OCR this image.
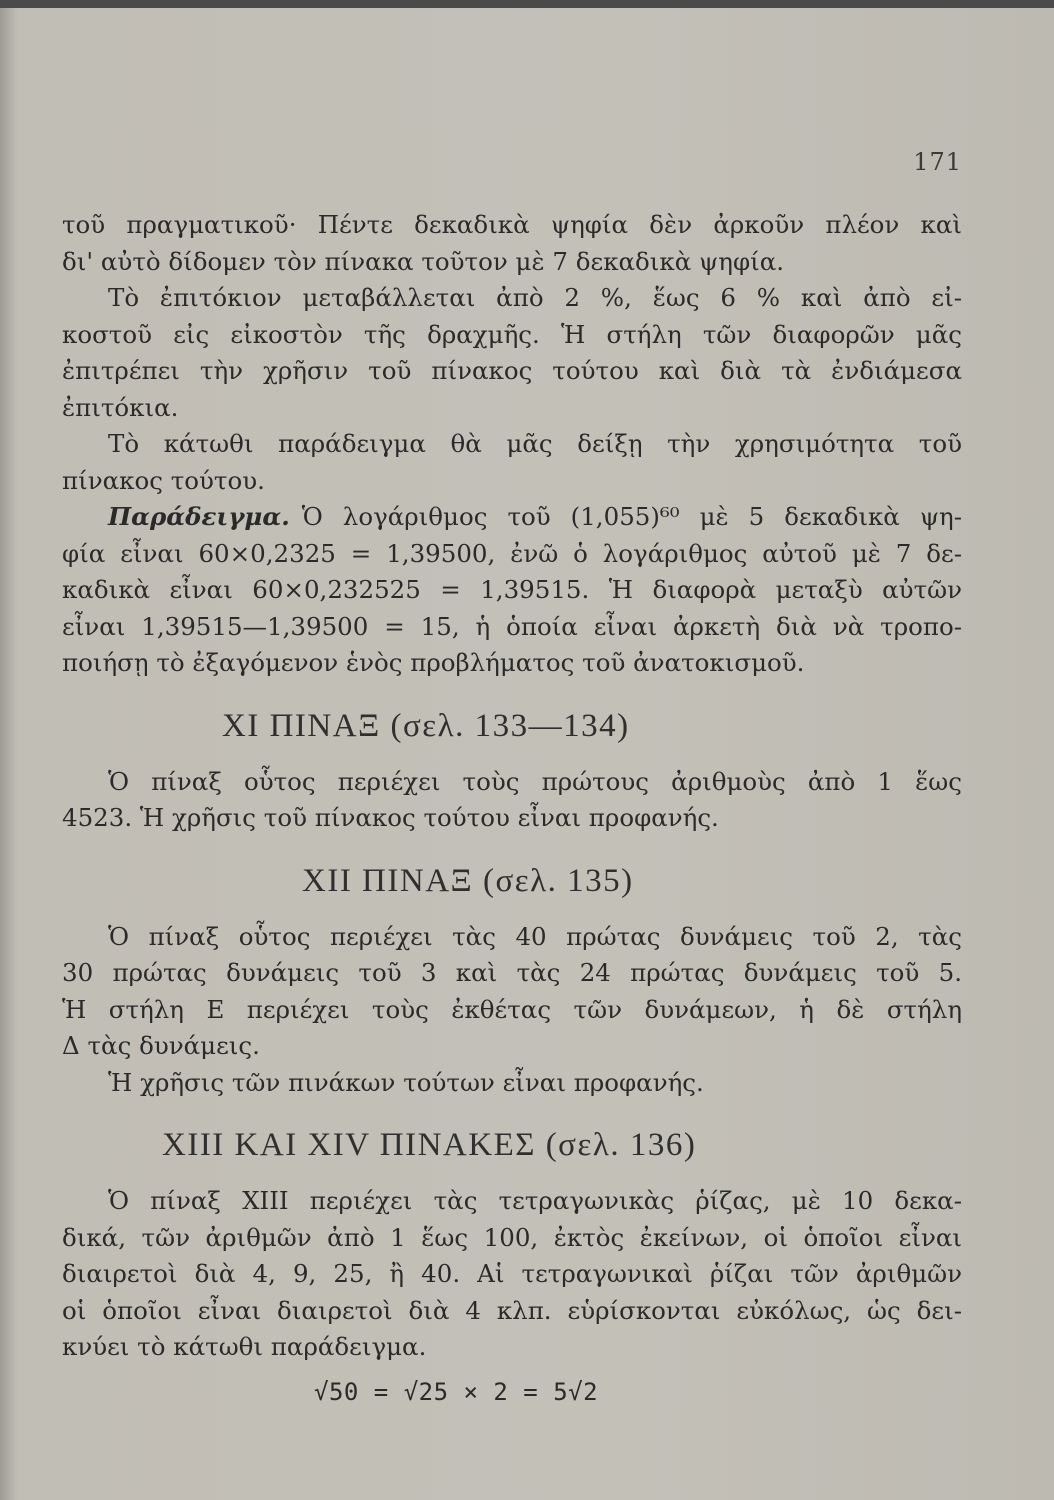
171
τοῦ πραγματικοῦ· Πέντε δεκαδικὰ ψηφία δὲν ἀρκοῦν πλέον καὶ
δι' αὐτὸ δίδομεν τὸν πίνακα τοῦτον μὲ 7 δεκαδικὰ ψηφία.
Τὸ ἐπιτόκιον μεταβάλλεται ἀπὸ 2 %, ἕως 6 % καὶ ἀπὸ εἰ-
κοστοῦ εἰς εἰκοστὸν τῆς δραχμῆς. Ἡ στήλη τῶν διαφορῶν μᾶς
ἐπιτρέπει τὴν χρῆσιν τοῦ πίνακος τούτου καὶ διὰ τὰ ἐνδιάμεσα
ἐπιτόκια.
Τὸ κάτωθι παράδειγμα θὰ μᾶς δείξῃ τὴν χρησιμότητα τοῦ
πίνακος τούτου.
Παράδειγμα. Ὁ λογάριθμος τοῦ (1,055)⁶⁰ μὲ 5 δεκαδικὰ ψη-
φία εἶναι 60×0,2325 = 1,39500, ἐνῶ ὁ λογάριθμος αὐτοῦ μὲ 7 δε-
καδικὰ εἶναι 60×0,232525 = 1,39515. Ἡ διαφορὰ μεταξὺ αὐτῶν
εἶναι 1,39515—1,39500 = 15, ἡ ὁποία εἶναι ἀρκετὴ διὰ νὰ τροπο-
ποιήσῃ τὸ ἐξαγόμενον ἑνὸς προβλήματος τοῦ ἀνατοκισμοῦ.
XI ΠΙΝΑΞ (σελ. 133—134)
Ὁ πίναξ οὗτος περιέχει τοὺς πρώτους ἀριθμοὺς ἀπὸ 1 ἕως
4523. Ἡ χρῆσις τοῦ πίνακος τούτου εἶναι προφανής.
XII ΠΙΝΑΞ (σελ. 135)
Ὁ πίναξ οὗτος περιέχει τὰς 40 πρώτας δυνάμεις τοῦ 2, τὰς
30 πρώτας δυνάμεις τοῦ 3 καὶ τὰς 24 πρώτας δυνάμεις τοῦ 5.
Ἡ στήλη Ε περιέχει τοὺς ἐκθέτας τῶν δυνάμεων, ἡ δὲ στήλη
Δ τὰς δυνάμεις.
Ἡ χρῆσις τῶν πινάκων τούτων εἶναι προφανής.
XIII ΚΑΙ XIV ΠΙΝΑΚΕΣ (σελ. 136)
Ὁ πίναξ XIII περιέχει τὰς τετραγωνικὰς ῥίζας, μὲ 10 δεκα-
δικά, τῶν ἀριθμῶν ἀπὸ 1 ἕως 100, ἐκτὸς ἐκείνων, οἱ ὁποῖοι εἶναι
διαιρετοὶ διὰ 4, 9, 25, ἢ 40. Αἱ τετραγωνικαὶ ῥίζαι τῶν ἀριθμῶν
οἱ ὁποῖοι εἶναι διαιρετοὶ διὰ 4 κλπ. εὑρίσκονται εὐκόλως, ὡς δει-
κνύει τὸ κάτωθι παράδειγμα.
√50 = √25 × 2 = 5√2
